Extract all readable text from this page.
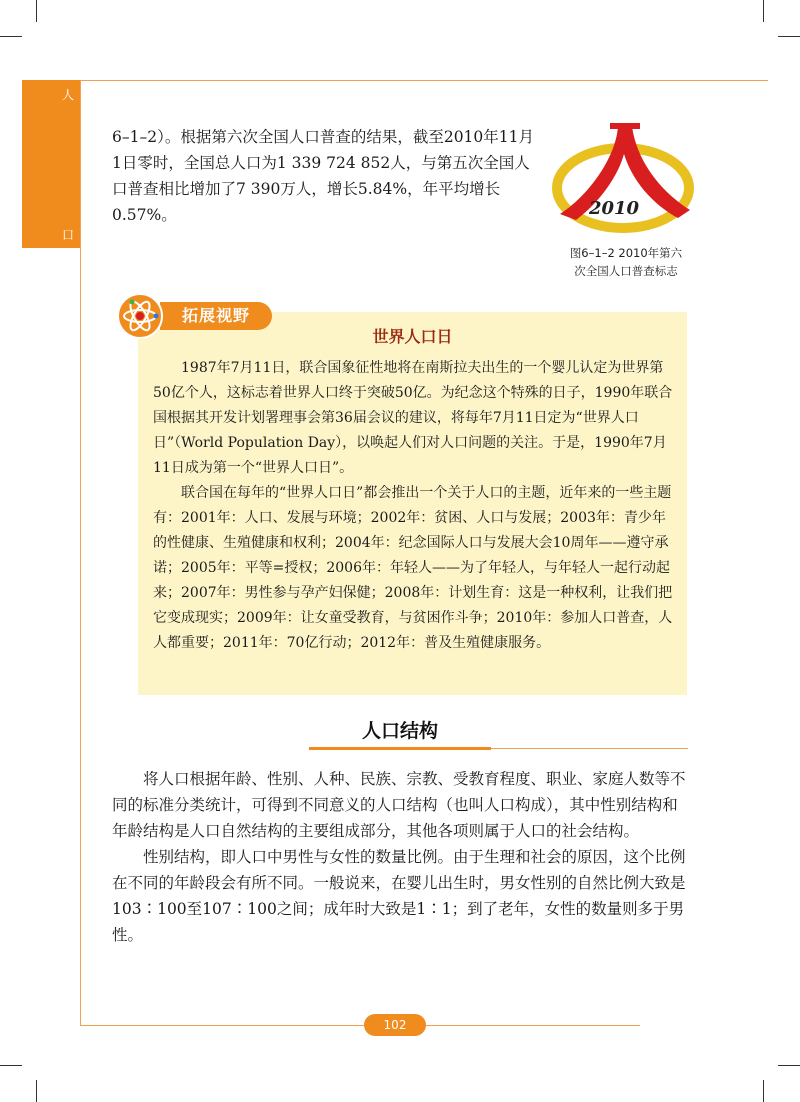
人
口

6–1–2）。根据第六次全国人口普查的结果，截至2010年11月1日零时，全国总人口为1 339 724 852人，与第五次全国人口普查相比增加了7 390万人，增长5.84%，年平均增长0.57%。	2010
图6–1–2 2010年第六
次全国人口普查标志
拓展视野
世界人口日

1987年7月11日，联合国象征性地将在南斯拉夫出生的一个婴儿认定为世界第50亿个人，这标志着世界人口终于突破50亿。为纪念这个特殊的日子，1990年联合国根据其开发计划署理事会第36届会议的建议，将每年7月11日定为“世界人口日”（World Population Day），以唤起人们对人口问题的关注。于是，1990年7月11日成为第一个“世界人口日”。

联合国在每年的“世界人口日”都会推出一个关于人口的主题，近年来的一些主题有：2001年：人口、发展与环境；2002年：贫困、人口与发展；2003年：青少年的性健康、生殖健康和权利；2004年：纪念国际人口与发展大会10周年——遵守承诺；2005年：平等=授权；2006年：年轻人——为了年轻人，与年轻人一起行动起来；2007年：男性参与孕产妇保健；2008年：计划生育：这是一种权利，让我们把它变成现实；2009年：让女童受教育，与贫困作斗争；2010年：参加人口普查，人人都重要；2011年：70亿行动；2012年：普及生殖健康服务。

人口结构

将人口根据年龄、性别、人种、民族、宗教、受教育程度、职业、家庭人数等不同的标准分类统计，可得到不同意义的人口结构（也叫人口构成），其中性别结构和年龄结构是人口自然结构的主要组成部分，其他各项则属于人口的社会结构。

性别结构，即人口中男性与女性的数量比例。由于生理和社会的原因，这个比例在不同的年龄段会有所不同。一般说来，在婴儿出生时，男女性别的自然比例大致是103∶100至107∶100之间；成年时大致是1∶1；到了老年，女性的数量则多于男性。

102
